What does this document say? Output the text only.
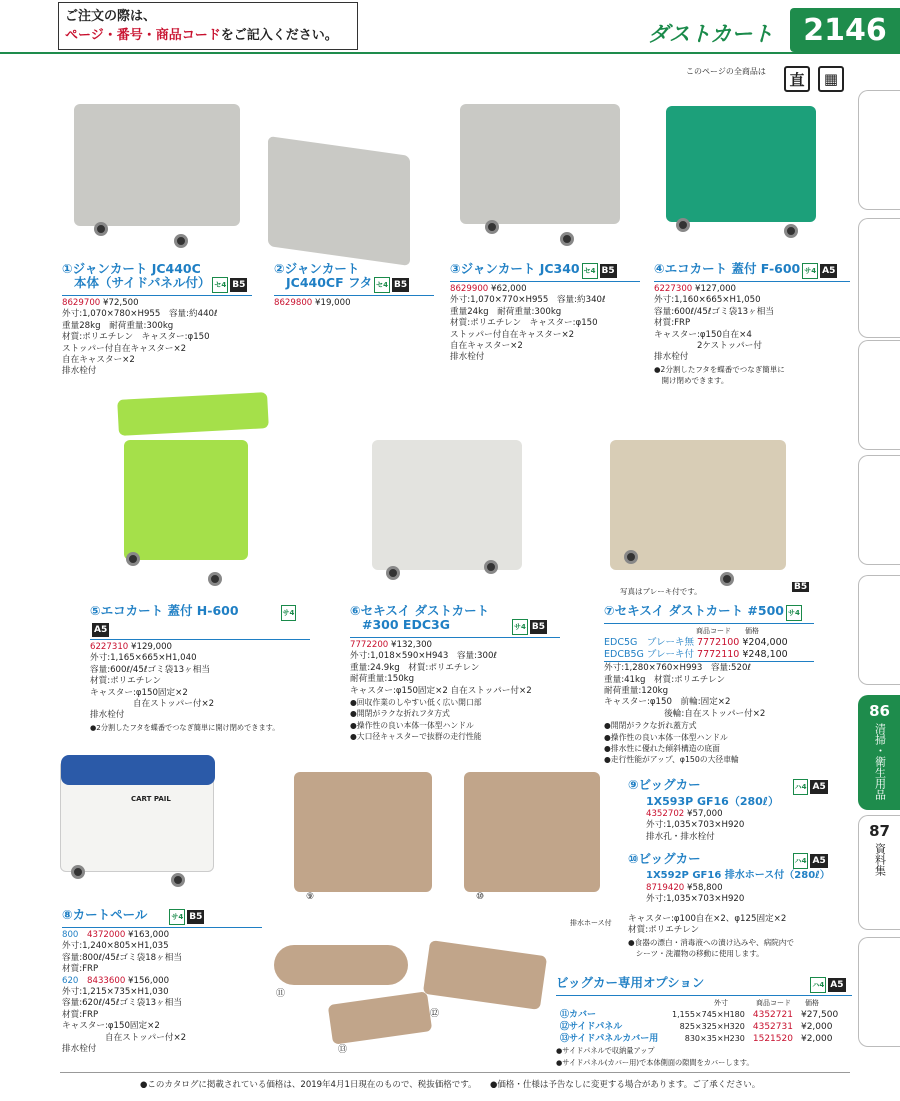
ご注文の際は、
ページ・番号・商品コードをご記入ください。	ダストカート 2146
このページの全商品は	直	▦
86
清掃・衛生用品
87
資料集
写真はブレーキ付です。	B5
CART PAIL
⑨	⑩
排水ホース付
⑪
⑫
⑬
①ジャンカート JC440C
本体（サイドパネル付） セ4 B5
8629700 ¥72,500
外寸:1,070×780×H955　容量:約440ℓ
重量28kg　耐荷重量:300kg
材質:ポリエチレン　キャスター:φ150
ストッパー付自在キャスター×2
自在キャスター×2
排水栓付
②ジャンカート
JC440CF フタ セ4 B5
8629800 ¥19,000
③ジャンカート JC340 セ4 B5
8629900 ¥62,000
外寸:1,070×770×H955　容量:約340ℓ
重量24kg　耐荷重量:300kg
材質:ポリエチレン　キャスター:φ150
ストッパー付自在キャスター×2
自在キャスター×2
排水栓付
④エコカート 蓋付 F-600 サ4 A5
6227300 ¥127,000
外寸:1,160×665×H1,050
容量:600ℓ/45ℓゴミ袋13ヶ相当
材質:FRP
キャスター:φ150自在×4
　　　　　2ケストッパー付
排水栓付
●2分割したフタを蝶番でつなぎ簡単に
　開け閉めできます。
⑤エコカート 蓋付 H-600	サ4A5
6227310 ¥129,000
外寸:1,165×665×H1,040
容量:600ℓ/45ℓゴミ袋13ヶ相当
材質:ポリエチレン
キャスター:φ150固定×2
　　　　　自在ストッパー付×2
排水栓付
●2分割したフタを蝶番でつなぎ簡単に開け閉めできます。
⑥セキスイ ダストカート
#300 EDC3G	サ4 B5
7772200 ¥132,300
外寸:1,018×590×H943　容量:300ℓ
重量:24.9kg　材質:ポリエチレン
耐荷重量:150kg
キャスター:φ150固定×2 自在ストッパー付×2
●回収作業のしやすい低く広い開口部
●開閉がラクな折れフタ方式
●操作性の良い本体一体型ハンドル
●大口径キャスターで抜群の走行性能
⑦セキスイ ダストカート #500 サ4
商品コード　　 価格
EDC5G　ブレーキ無 7772100 ¥204,000
EDCB5G ブレーキ付 7772110 ¥248,100
外寸:1,280×760×H993　容量:520ℓ
重量:41kg　材質:ポリエチレン
耐荷重量:120kg
キャスター:φ150　前輪:固定×2
　　　　　　　後輪:自在ストッパー付×2
●開閉がラクな折れ蓋方式
●操作性の良い本体一体型ハンドル
●排水性に優れた傾斜構造の底面
●走行性能がアップ、φ150の大径車輪
⑧カートペール	サ4 B5
800　 4372000 ¥163,000
外寸:1,240×805×H1,035
容量:800ℓ/45ℓゴミ袋18ヶ相当
材質:FRP
620　 8433600 ¥156,000
外寸:1,215×735×H1,030
容量:620ℓ/45ℓゴミ袋13ヶ相当
材質:FRP
キャスター:φ150固定×2
　　　　　自在ストッパー付×2
排水栓付
⑨ビッグカー	ハ4 A5
1X593P GF16（280ℓ）
4352702 ¥57,000
外寸:1,035×703×H920
排水孔・排水栓付
⑩ビッグカー	ハ4 A5
1X592P GF16 排水ホース付（280ℓ）
8719420 ¥58,800
外寸:1,035×703×H920
キャスター:φ100自在×2、φ125固定×2
材質:ポリエチレン
●食器の漂白・消毒液への漬け込みや、病院内で
　シーツ・洗濯物の移動に使用します。
ビッグカー専用オプション	ハ4 A5
外寸　　　　	商品コード　　 価格
⑪カバー	1,155×745×H180	4352721	¥27,500
⑫サイドパネル	825×325×H320	4352731	¥2,000
⑬サイドパネルカバー用	830×35×H230	1521520	¥2,000
●サイドパネルで収納量アップ
●サイドパネル(カバー用)で本体側面の隙間をカバーします。
●このカタログに掲載されている価格は、2019年4月1日現在のもので、税抜価格です。 ●価格・仕様は予告なしに変更する場合があります。ご了承ください。
